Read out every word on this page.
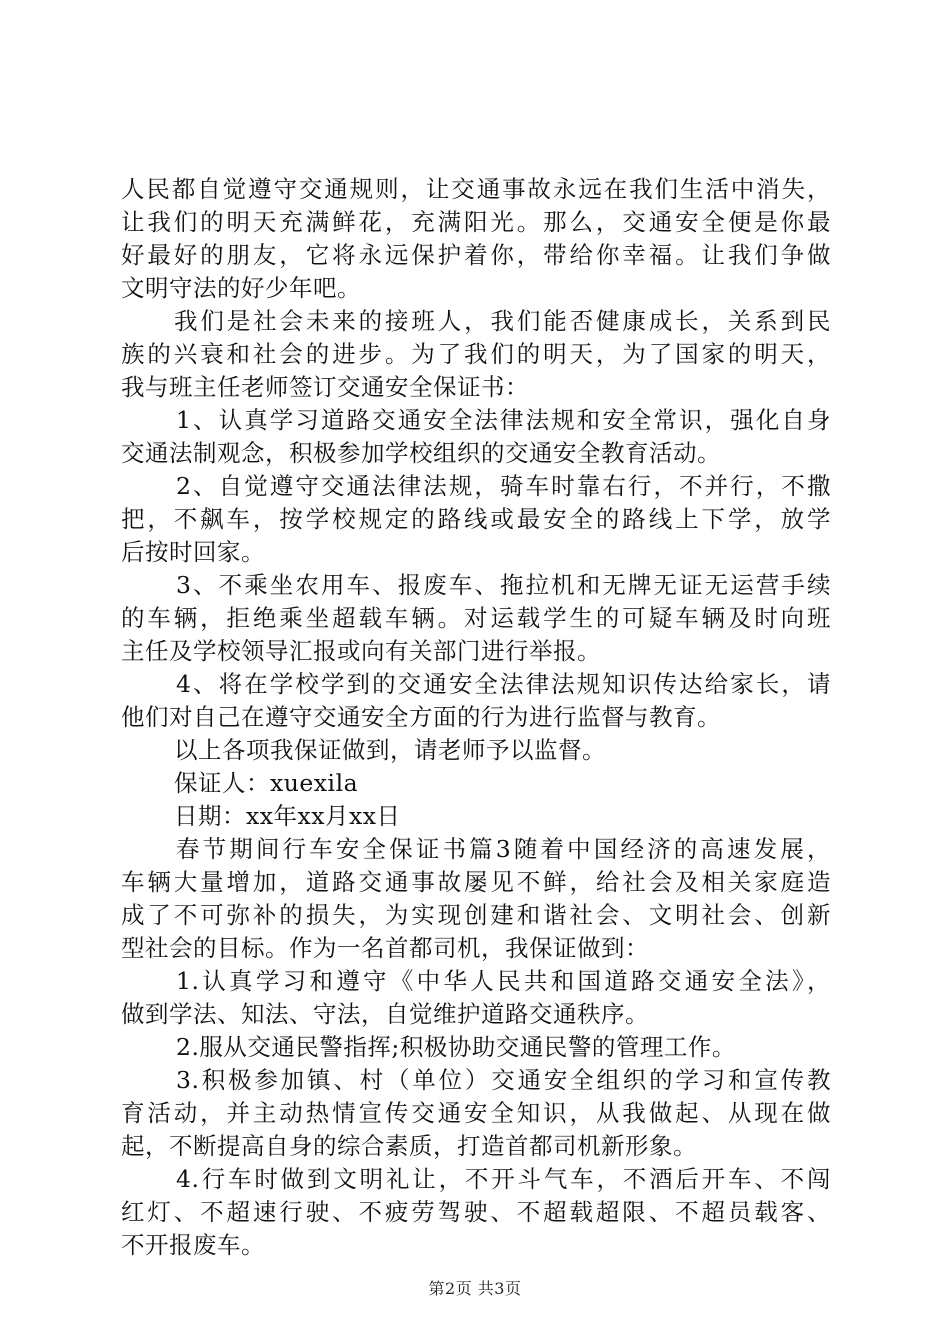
人民都自觉遵守交通规则，让交通事故永远在我们生活中消失，
让我们的明天充满鲜花，充满阳光。那么，交通安全便是你最
好最好的朋友，它将永远保护着你，带给你幸福。让我们争做
文明守法的好少年吧。
我们是社会未来的接班人，我们能否健康成长，关系到民
族的兴衰和社会的进步。为了我们的明天，为了国家的明天，
我与班主任老师签订交通安全保证书：
1、认真学习道路交通安全法律法规和安全常识，强化自身
交通法制观念，积极参加学校组织的交通安全教育活动。
2、自觉遵守交通法律法规，骑车时靠右行，不并行，不撒
把，不飙车，按学校规定的路线或最安全的路线上下学，放学
后按时回家。
3、不乘坐农用车、报废车、拖拉机和无牌无证无运营手续
的车辆，拒绝乘坐超载车辆。对运载学生的可疑车辆及时向班
主任及学校领导汇报或向有关部门进行举报。
4、将在学校学到的交通安全法律法规知识传达给家长，请
他们对自己在遵守交通安全方面的行为进行监督与教育。
以上各项我保证做到，请老师予以监督。
保证人：xuexila
日期：xx年xx月xx日
春节期间行车安全保证书篇3随着中国经济的高速发展，
车辆大量增加，道路交通事故屡见不鲜，给社会及相关家庭造
成了不可弥补的损失，为实现创建和谐社会、文明社会、创新
型社会的目标。作为一名首都司机，我保证做到：
1.认真学习和遵守《中华人民共和国道路交通安全法》，
做到学法、知法、守法，自觉维护道路交通秩序。
2.服从交通民警指挥;积极协助交通民警的管理工作。
3.积极参加镇、村（单位）交通安全组织的学习和宣传教
育活动，并主动热情宣传交通安全知识，从我做起、从现在做
起，不断提高自身的综合素质，打造首都司机新形象。
4.行车时做到文明礼让，不开斗气车，不酒后开车、不闯
红灯、不超速行驶、不疲劳驾驶、不超载超限、不超员载客、
不开报废车。
第2页 共3页
